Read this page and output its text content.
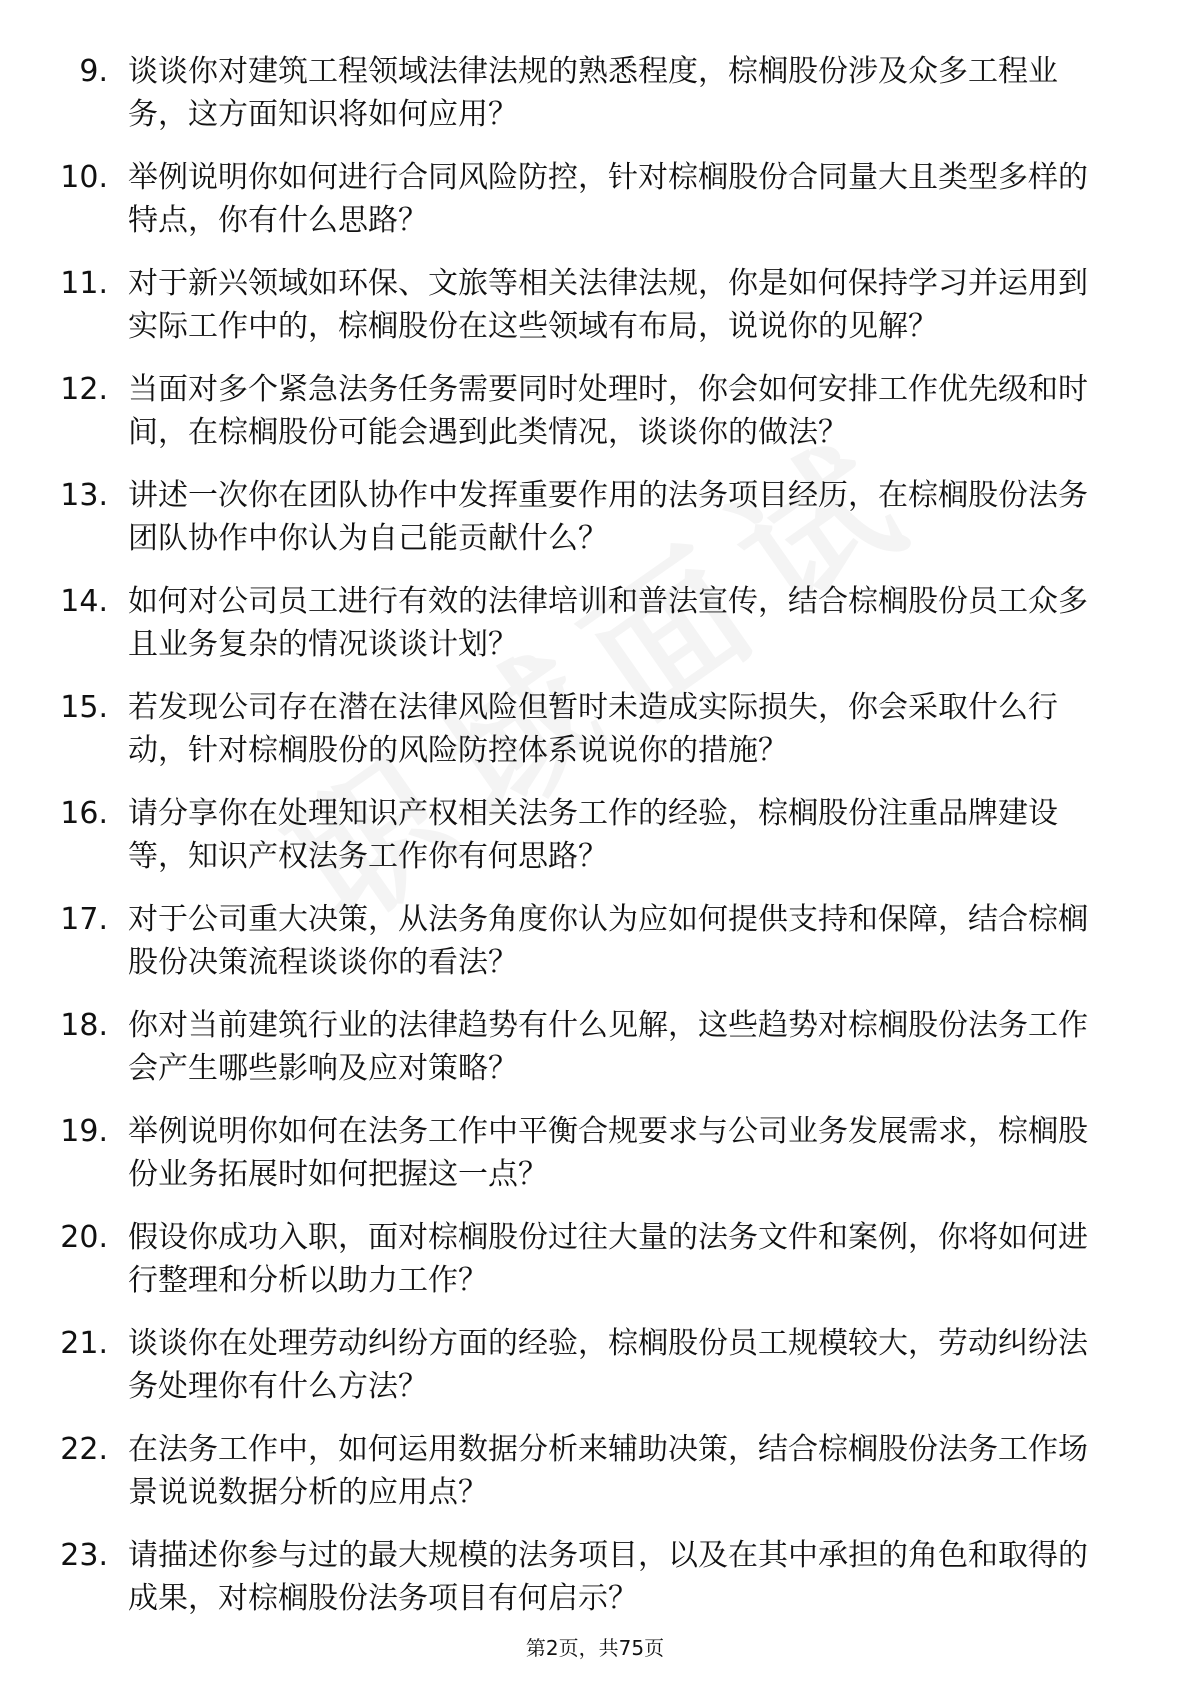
9. 谈谈你对建筑工程领域法律法规的熟悉程度，棕榈股份涉及众多工程业务，这方面知识将如何应用？
10. 举例说明你如何进行合同风险防控，针对棕榈股份合同量大且类型多样的特点，你有什么思路？
11. 对于新兴领域如环保、文旅等相关法律法规，你是如何保持学习并运用到实际工作中的，棕榈股份在这些领域有布局，说说你的见解？
12. 当面对多个紧急法务任务需要同时处理时，你会如何安排工作优先级和时间，在棕榈股份可能会遇到此类情况，谈谈你的做法？
13. 讲述一次你在团队协作中发挥重要作用的法务项目经历，在棕榈股份法务团队协作中你认为自己能贡献什么？
14. 如何对公司员工进行有效的法律培训和普法宣传，结合棕榈股份员工众多且业务复杂的情况谈谈计划？
15. 若发现公司存在潜在法律风险但暂时未造成实际损失，你会采取什么行动，针对棕榈股份的风险防控体系说说你的措施？
16. 请分享你在处理知识产权相关法务工作的经验，棕榈股份注重品牌建设等，知识产权法务工作你有何思路？
17. 对于公司重大决策，从法务角度你认为应如何提供支持和保障，结合棕榈股份决策流程谈谈你的看法？
18. 你对当前建筑行业的法律趋势有什么见解，这些趋势对棕榈股份法务工作会产生哪些影响及应对策略？
19. 举例说明你如何在法务工作中平衡合规要求与公司业务发展需求，棕榈股份业务拓展时如何把握这一点？
20. 假设你成功入职，面对棕榈股份过往大量的法务文件和案例，你将如何进行整理和分析以助力工作？
21. 谈谈你在处理劳动纠纷方面的经验，棕榈股份员工规模较大，劳动纠纷法务处理你有什么方法？
22. 在法务工作中，如何运用数据分析来辅助决策，结合棕榈股份法务工作场景说说数据分析的应用点？
23. 请描述你参与过的最大规模的法务项目，以及在其中承担的角色和取得的成果，对棕榈股份法务项目有何启示？
第2页，共75页
